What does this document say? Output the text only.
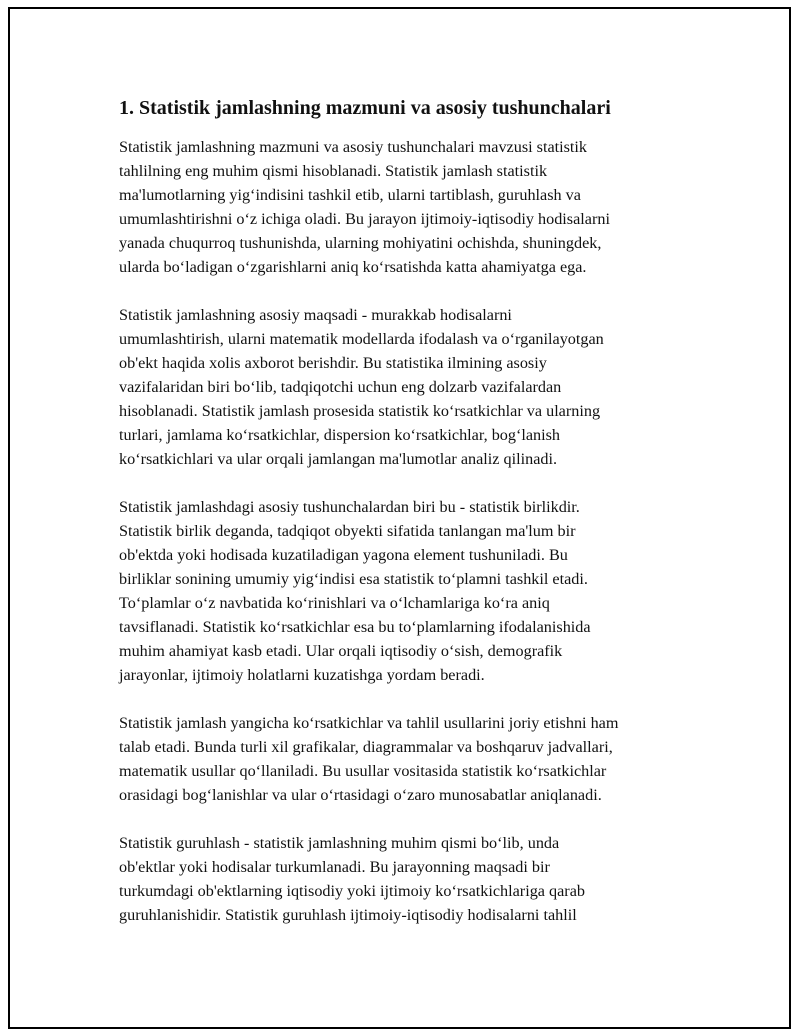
1. Statistik jamlashning mazmuni va asosiy tushunchalari
Statistik jamlashning mazmuni va asosiy tushunchalari mavzusi statistik
tahlilning eng muhim qismi hisoblanadi. Statistik jamlash statistik
ma'lumotlarning yig‘indisini tashkil etib, ularni tartiblash, guruhlash va
umumlashtirishni o‘z ichiga oladi. Bu jarayon ijtimoiy-iqtisodiy hodisalarni
yanada chuqurroq tushunishda, ularning mohiyatini ochishda, shuningdek,
ularda bo‘ladigan o‘zgarishlarni aniq ko‘rsatishda katta ahamiyatga ega.
Statistik jamlashning asosiy maqsadi - murakkab hodisalarni
umumlashtirish, ularni matematik modellarda ifodalash va o‘rganilayotgan
ob'ekt haqida xolis axborot berishdir. Bu statistika ilmining asosiy
vazifalaridan biri bo‘lib, tadqiqotchi uchun eng dolzarb vazifalardan
hisoblanadi. Statistik jamlash prosesida statistik ko‘rsatkichlar va ularning
turlari, jamlama ko‘rsatkichlar, dispersion ko‘rsatkichlar, bog‘lanish
ko‘rsatkichlari va ular orqali jamlangan ma'lumotlar analiz qilinadi.
Statistik jamlashdagi asosiy tushunchalardan biri bu - statistik birlikdir.
Statistik birlik deganda, tadqiqot obyekti sifatida tanlangan ma'lum bir
ob'ektda yoki hodisada kuzatiladigan yagona element tushuniladi. Bu
birliklar sonining umumiy yig‘indisi esa statistik to‘plamni tashkil etadi.
To‘plamlar o‘z navbatida ko‘rinishlari va o‘lchamlariga ko‘ra aniq
tavsiflanadi. Statistik ko‘rsatkichlar esa bu to‘plamlarning ifodalanishida
muhim ahamiyat kasb etadi. Ular orqali iqtisodiy o‘sish, demografik
jarayonlar, ijtimoiy holatlarni kuzatishga yordam beradi.
Statistik jamlash yangicha ko‘rsatkichlar va tahlil usullarini joriy etishni ham
talab etadi. Bunda turli xil grafikalar, diagrammalar va boshqaruv jadvallari,
matematik usullar qo‘llaniladi. Bu usullar vositasida statistik ko‘rsatkichlar
orasidagi bog‘lanishlar va ular o‘rtasidagi o‘zaro munosabatlar aniqlanadi.
Statistik guruhlash - statistik jamlashning muhim qismi bo‘lib, unda
ob'ektlar yoki hodisalar turkumlanadi. Bu jarayonning maqsadi bir
turkumdagi ob'ektlarning iqtisodiy yoki ijtimoiy ko‘rsatkichlariga qarab
guruhlanishidir. Statistik guruhlash ijtimoiy-iqtisodiy hodisalarni tahlil
